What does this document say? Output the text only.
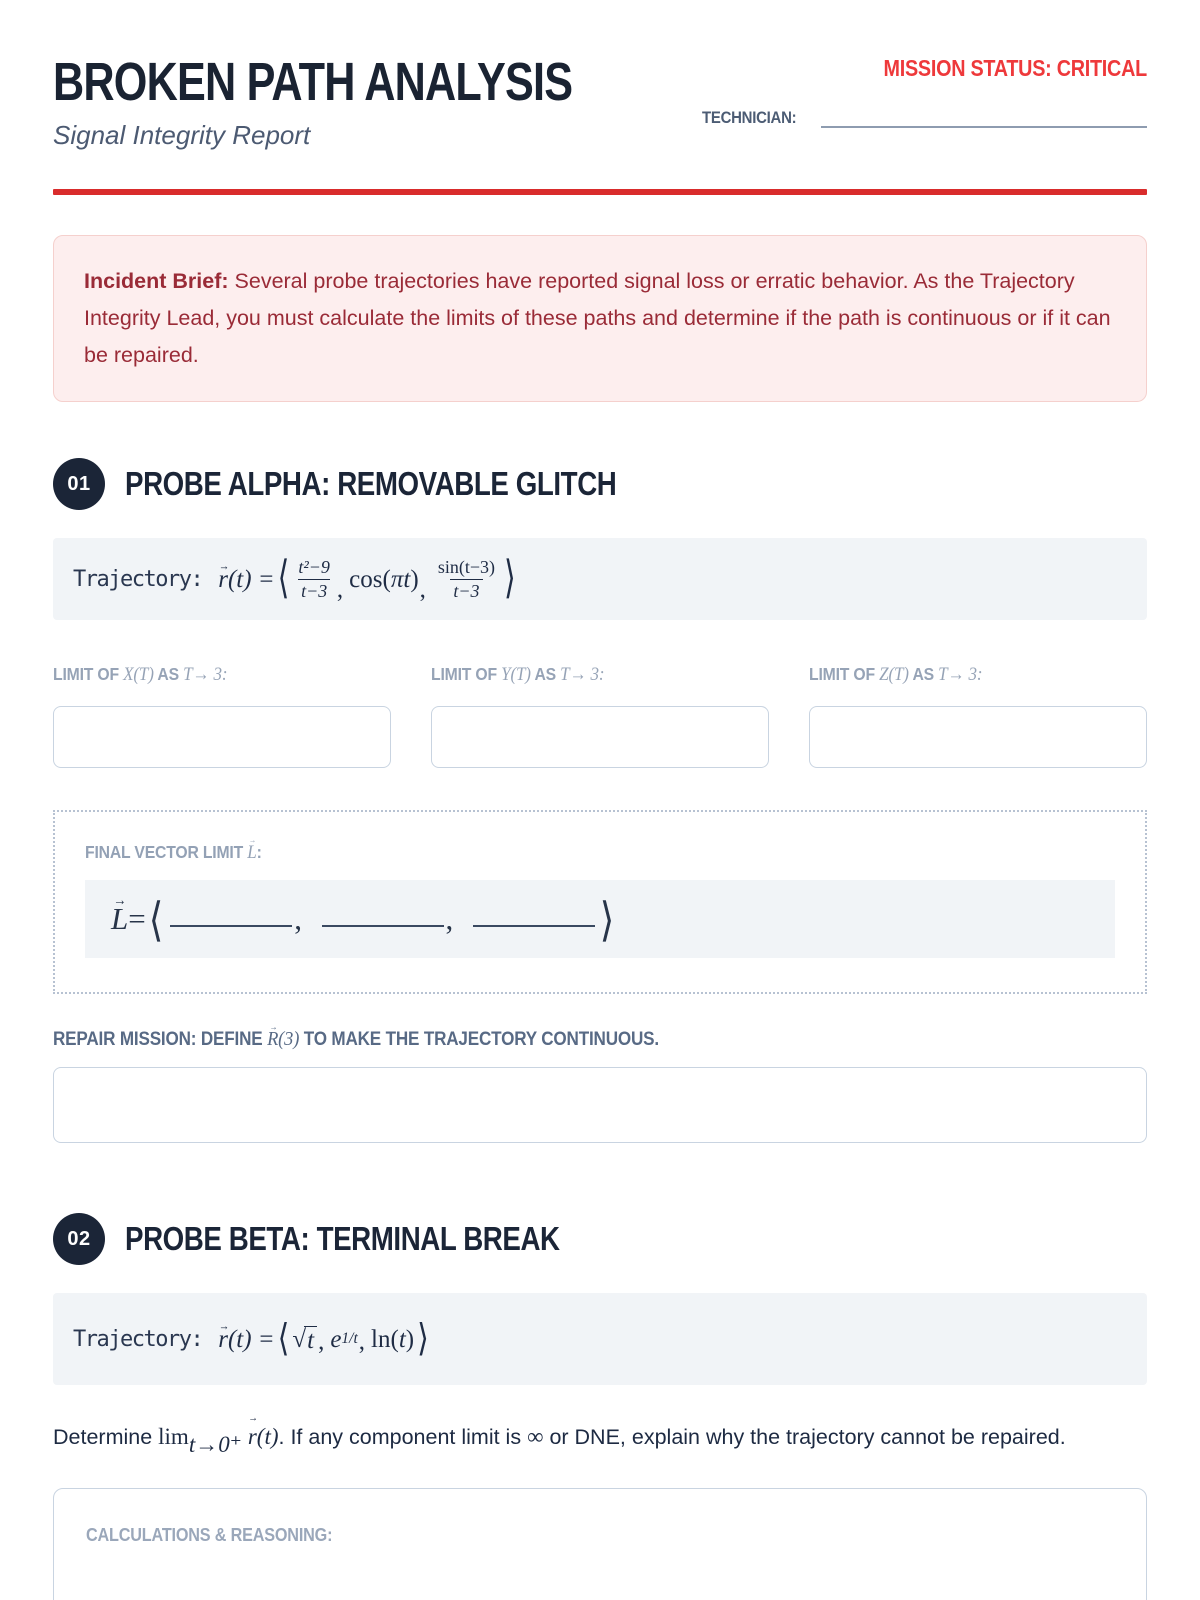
BROKEN PATH ANALYSIS
Signal Integrity Report
MISSION STATUS: CRITICAL
TECHNICIAN:
Incident Brief: Several probe trajectories have reported signal loss or erratic behavior. As the Trajectory Integrity Lead, you must calculate the limits of these paths and determine if the path is continuous or if it can be repaired.
01	PROBE ALPHA: REMOVABLE GLITCH
Trajectory: r → (t) = ⟨ $\frac{\text{t²−9}}{t-3}$ , cos( πt ) , $\frac{\sin(t-3)}{t-3}$ ⟩
LIMIT OF X(T) AS T→ 3:	LIMIT OF Y(T) AS T→ 3:	LIMIT OF Z(T) AS T→ 3:
FINAL VECTOR LIMIT L →:
L → = ⟨	,
	,
	⟩
REPAIR MISSION: DEFINE R →(3) TO MAKE THE TRAJECTORY CONTINUOUS.
02	PROBE BETA: TERMINAL BREAK
Trajectory: r → (t) = ⟨ √ t , e 1/t , ln( t ) ⟩

Determine limt→0⁺ r →(t). If any component limit is ∞ or DNE, explain why the trajectory cannot be repaired.

CALCULATIONS & REASONING:
